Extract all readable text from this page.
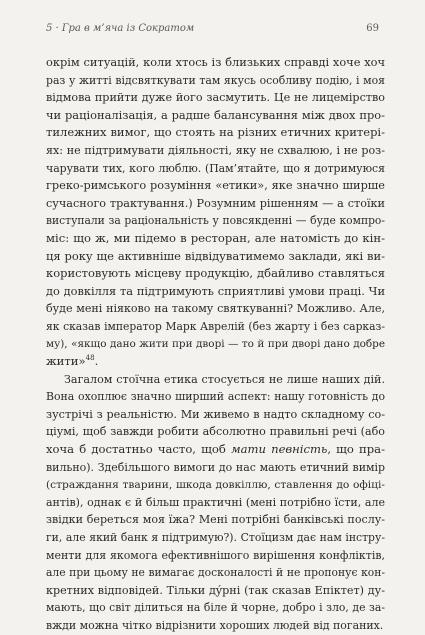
5 · Гра в м’яча із Сократом	69
окрім ситуацій, коли хтось із близьких справді хоче хоч
раз у житті відсвяткувати там якусь особливу подію, і моя
відмова прийти дуже його засмутить. Це не лицемірство
чи раціоналізація, а радше балансування між двох про-
тилежних вимог, що стоять на різних етичних критері-
ях: не підтримувати діяльності, яку не схвалюю, і не роз-
чарувати тих, кого люблю. (Пам’ятайте, що я дотримуюся
греко-римського розуміння «етики», яке значно ширше
сучасного трактування.) Розумним рішенням — а стоїки
виступали за раціональність у повсякденні — буде компро-
міс: що ж, ми підемо в ресторан, але натомість до кін-
ця року ще активніше відвідуватимемо заклади, які ви-
користовують місцеву продукцію, дбайливо ставляться
до довкілля та підтримують сприятливі умови праці. Чи
буде мені ніяково на такому святкуванні? Можливо. Але,
як сказав імператор Марк Аврелій (без жарту і без сарказ-
му), «якщо дано жити при дворі — то й при дворі дано добре
жити»$^{48}$.
Загалом стоїчна етика стосується не лише наших дій.
Вона охоплює значно ширший аспект: нашу готовність до
зустрічі з реальністю. Ми живемо в надто складному со-
ціумі, щоб завжди робити абсолютно правильні речі (або
хоча б достатньо часто, щоб мати певність, що пра-
вильно). Здебільшого вимоги до нас мають етичний вимір
(страждання тварини, шкода довкіллю, ставлення до офіці-
антів), однак є й більш практичні (мені потрібно їсти, але
звідки береться моя їжа? Мені потрібні банківські послу-
ги, але який банк я підтримую?). Стоїцизм дає нам інстру-
менти для якомога ефективнішого вирішення конфліктів,
але при цьому не вимагає досконалості й не пропонує кон-
кретних відповідей. Тільки дýрні (так сказав Епіктет) ду-
мають, що світ ділиться на біле й чорне, добро і зло, де за-
вжди можна чітко відрізнити хороших людей від поганих.
